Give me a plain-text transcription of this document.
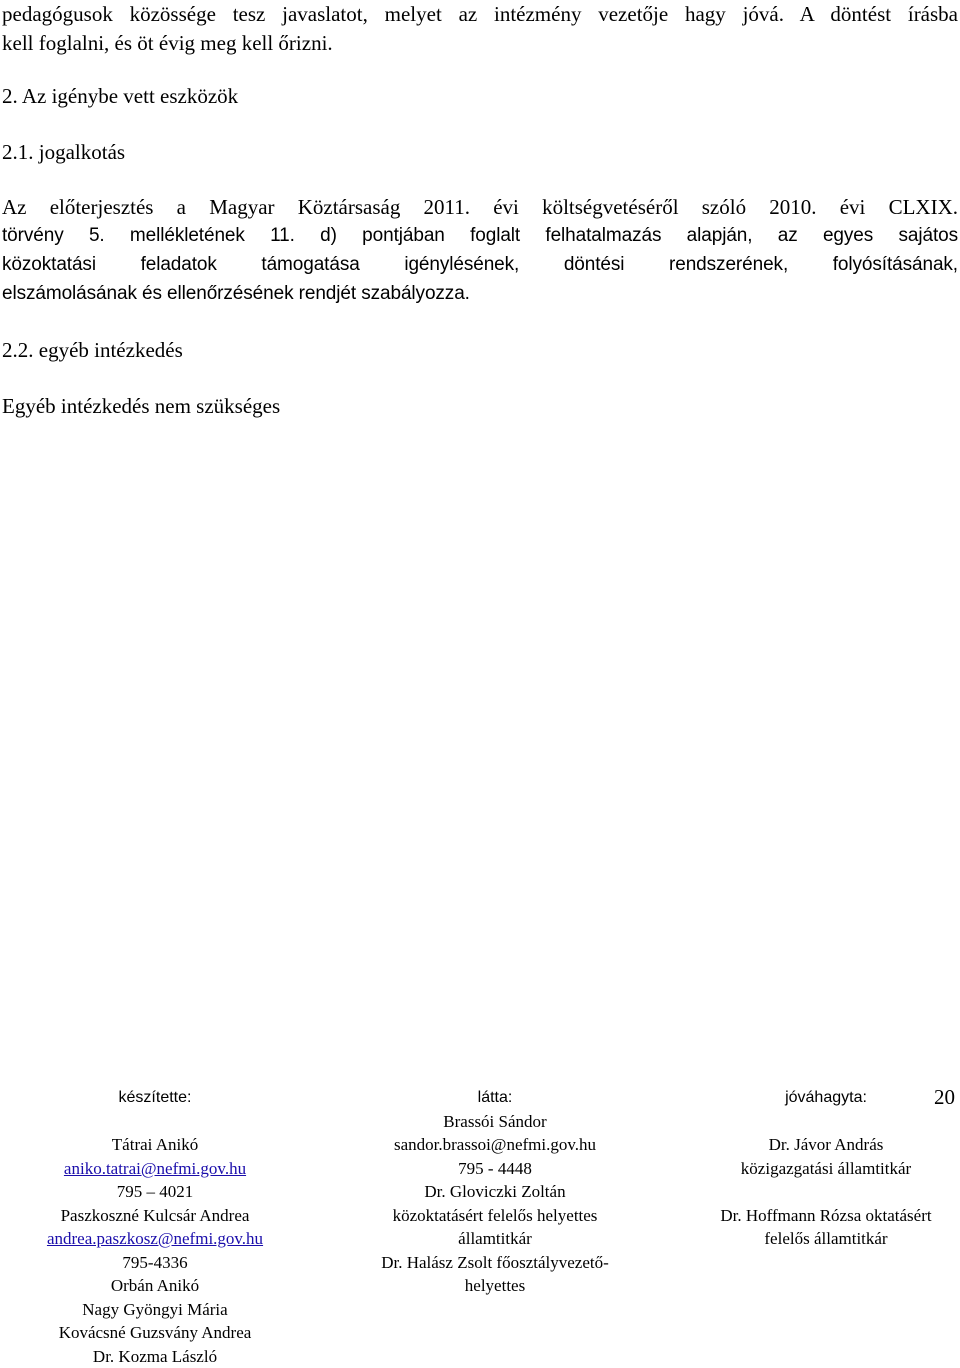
pedagógusok közössége tesz javaslatot, melyet az intézmény vezetője hagy jóvá. A döntést írásba
kell foglalni, és öt évig meg kell őrizni.
2. Az igénybe vett eszközök
2.1. jogalkotás
Az előterjesztés a Magyar Köztársaság 2011. évi költségvetéséről szóló 2010. évi CLXIX.
törvény 5. mellékletének 11. d) pontjában foglalt felhatalmazás alapján, az egyes sajátos
közoktatási feladatok támogatása igénylésének, döntési rendszerének, folyósításának,
elszámolásának és ellenőrzésének rendjét szabályozza.
2.2. egyéb intézkedés
Egyéb intézkedés nem szükséges
készítette:
Tátrai Anikó
aniko.tatrai@nefmi.gov.hu
795 – 4021
Paszkoszné Kulcsár Andrea
andrea.paszkosz@nefmi.gov.hu
795-4336
Orbán Anikó
Nagy Gyöngyi Mária
Kovácsné Guzsvány Andrea
Dr. Kozma László
látta:
Brassói Sándor
sandor.brassoi@nefmi.gov.hu
795 - 4448
Dr. Gloviczki Zoltán
közoktatásért felelős helyettes
államtitkár
Dr. Halász Zsolt főosztályvezető-
helyettes
jóváhagyta:
Dr. Jávor András
közigazgatási államtitkár
Dr. Hoffmann Rózsa oktatásért
felelős államtitkár
20
